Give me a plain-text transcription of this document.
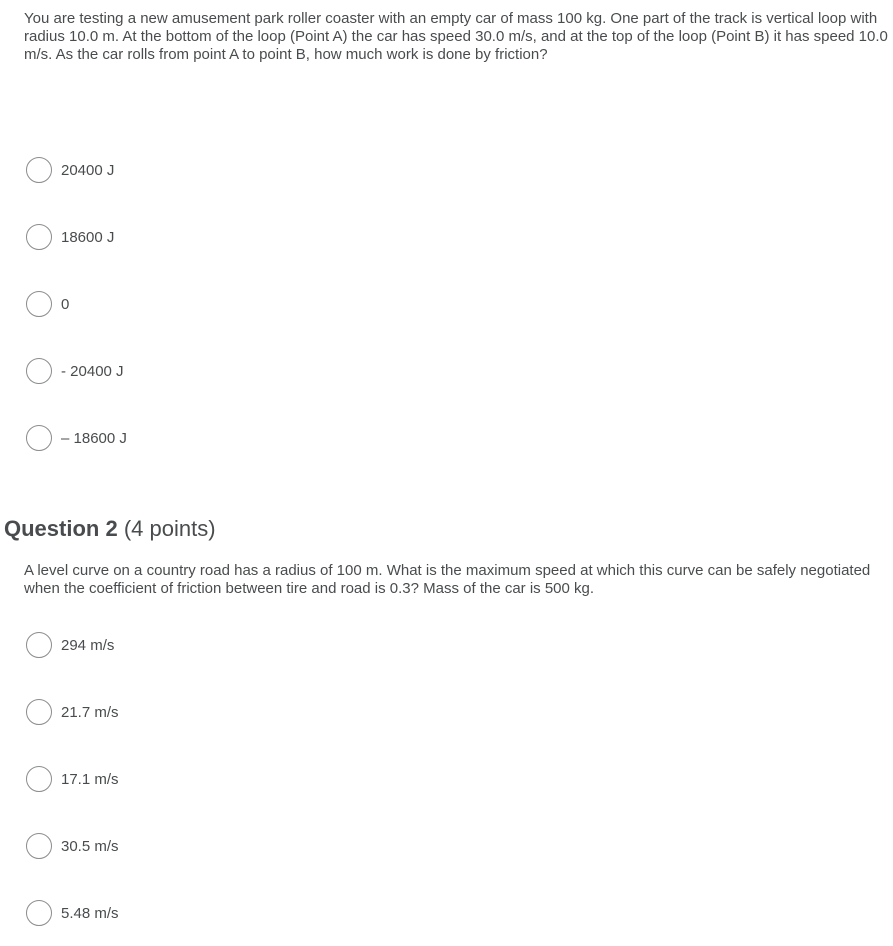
You are testing a new amusement park roller coaster with an empty car of mass 100 kg. One part of the track is vertical loop with radius 10.0 m. At the bottom of the loop (Point A) the car has speed 30.0 m/s, and at the top of the loop (Point B) it has speed 10.0 m/s. As the car rolls from point A to point B, how much work is done by friction?

20400 J
18600 J
0
- 20400 J
– 18600 J
Question 2 (4 points)

A level curve on a country road has a radius of 100 m. What is the maximum speed at which this curve can be safely negotiated when the coefficient of friction between tire and road is 0.3? Mass of the car is 500 kg.

294 m/s
21.7 m/s
17.1 m/s
30.5 m/s
5.48 m/s
